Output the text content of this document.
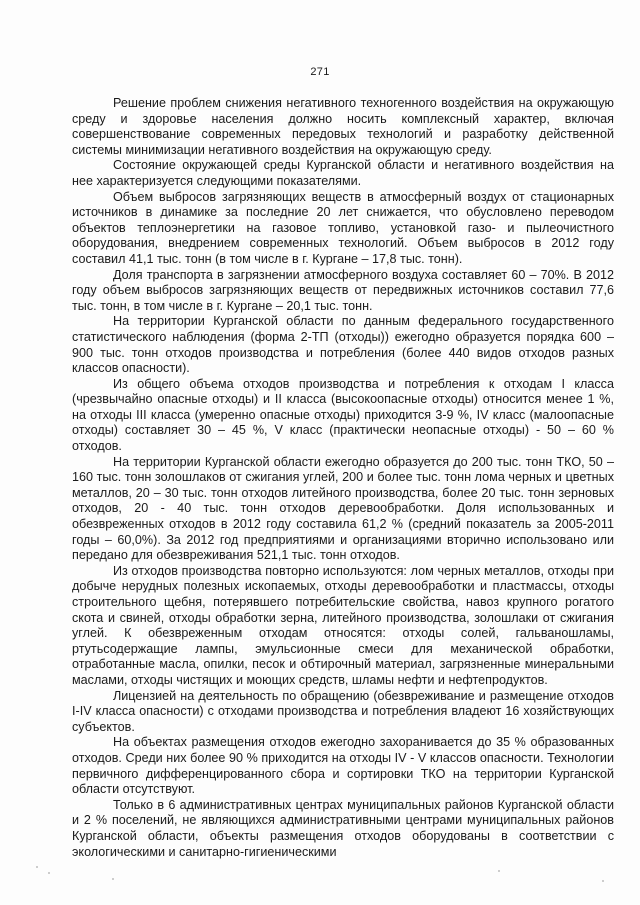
271

Решение проблем снижения негативного техногенного воздействия на окружающую среду и здоровье населения должно носить комплексный характер, включая совершенствование современных передовых технологий и разработку действенной системы минимизации негативного воздействия на окружающую среду.

Состояние окружающей среды Курганской области и негативного воздействия на нее характеризуется следующими показателями.

Объем выбросов загрязняющих веществ в атмосферный воздух от стационарных источников в динамике за последние 20 лет снижается, что обусловлено переводом объектов теплоэнергетики на газовое топливо, установкой газо- и пылеочистного оборудования, внедрением современных технологий. Объем выбросов в 2012 году составил 41,1 тыс. тонн (в том числе в г. Кургане – 17,8 тыс. тонн).

Доля транспорта в загрязнении атмосферного воздуха составляет 60 – 70%. В 2012 году объем выбросов загрязняющих веществ от передвижных источников составил 77,6 тыс. тонн, в том числе в г. Кургане – 20,1 тыс. тонн.

На территории Курганской области по данным федерального государственного статистического наблюдения (форма 2-ТП (отходы)) ежегодно образуется порядка 600 – 900 тыс. тонн отходов производства и потребления (более 440 видов отходов разных классов опасности).

Из общего объема отходов производства и потребления к отходам I класса (чрезвычайно опасные отходы) и II класса (высокоопасные отходы) относится менее 1 %, на отходы III класса (умеренно опасные отходы) приходится 3-9 %, IV класс (малоопасные отходы) составляет 30 – 45 %, V класс (практически неопасные отходы) - 50 – 60 % отходов.

На территории Курганской области ежегодно образуется до 200 тыс. тонн ТКО, 50 – 160 тыс. тонн золошлаков от сжигания углей, 200 и более тыс. тонн лома черных и цветных металлов, 20 – 30 тыс. тонн отходов литейного производства, более 20 тыс. тонн зерновых отходов, 20 - 40 тыс. тонн отходов деревообработки. Доля использованных и обезвреженных отходов в 2012 году составила 61,2 % (средний показатель за 2005-2011 годы – 60,0%). За 2012 год предприятиями и организациями вторично использовано или передано для обезвреживания 521,1 тыс. тонн отходов.

Из отходов производства повторно используются: лом черных металлов, отходы при добыче нерудных полезных ископаемых, отходы деревообработки и пластмассы, отходы строительного щебня, потерявшего потребительские свойства, навоз крупного рогатого скота и свиней, отходы обработки зерна, литейного производства, золошлаки от сжигания углей. К обезвреженным отходам относятся: отходы солей, гальваношламы, ртутьсодержащие лампы, эмульсионные смеси для механической обработки, отработанные масла, опилки, песок и обтирочный материал, загрязненные минеральными маслами, отходы чистящих и моющих средств, шламы нефти и нефтепродуктов.

Лицензией на деятельность по обращению (обезвреживание и размещение отходов I-IV класса опасности) с отходами производства и потребления владеют 16 хозяйствующих субъектов.

На объектах размещения отходов ежегодно захоранивается до 35 % образованных отходов. Среди них более 90 % приходится на отходы IV - V классов опасности. Технологии первичного дифференцированного сбора и сортировки ТКО на территории Курганской области отсутствуют.

Только в 6 административных центрах муниципальных районов Курганской области и 2 % поселений, не являющихся административными центрами муниципальных районов Курганской области, объекты размещения отходов оборудованы в соответствии с экологическими и санитарно-гигиеническими
